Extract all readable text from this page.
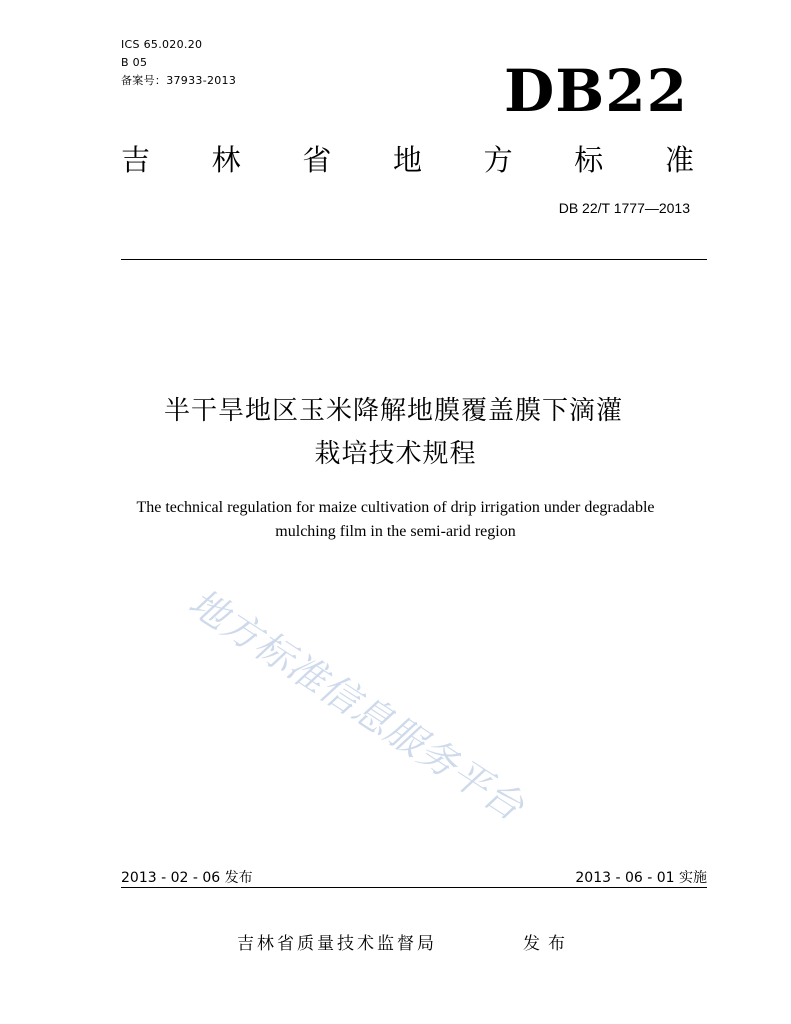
ICS 65.020.20
B 05
备案号：37933-2013	DB22
吉 林 省 地 方 标 准
DB 22/T 1777—2013
半干旱地区玉米降解地膜覆盖膜下滴灌
栽培技术规程
The technical regulation for maize cultivation of drip irrigation under degradable
mulching film in the semi-arid region
地方标准信息服务平台
2013 - 02 - 06 发布	2013 - 06 - 01 实施
吉林省质量技术监督局	发布
